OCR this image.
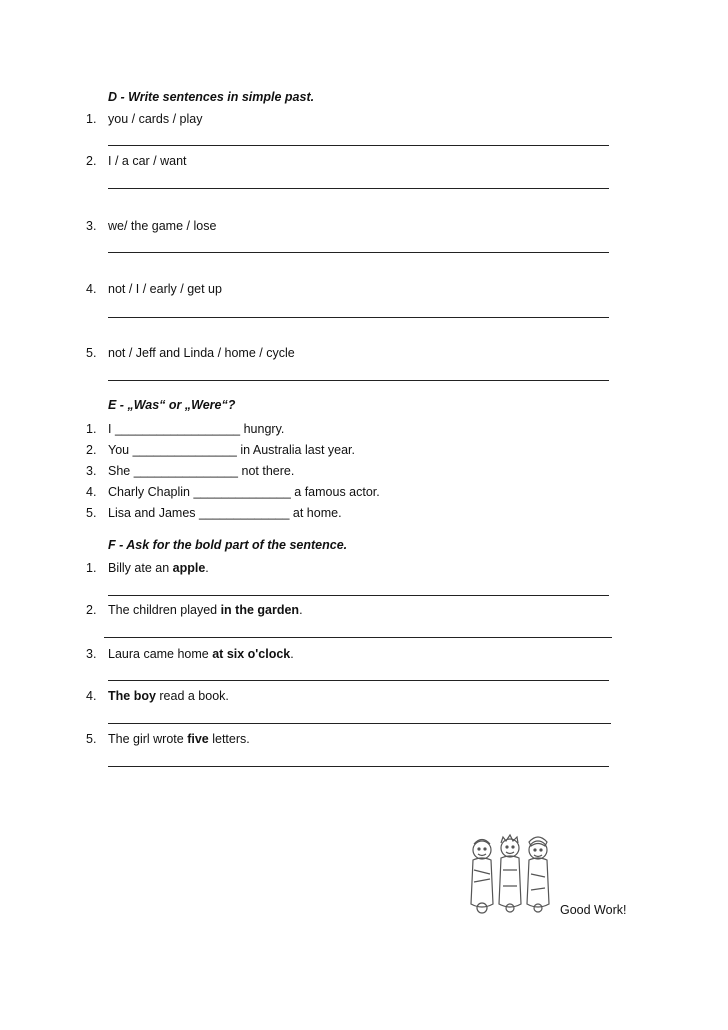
D - Write sentences in simple past.
1. you / cards / play
2. I / a car / want
3. we/ the game / lose
4. not / I / early / get up
5. not / Jeff and Linda / home / cycle
E - „Was“ or „Were“?
1. I __________________ hungry.
2. You _______________ in Australia last year.
3. She _______________ not there.
4. Charly Chaplin ______________ a famous actor.
5. Lisa and James _____________ at home.
F - Ask for the bold part of the sentence.
1. Billy ate an apple.
2. The children played in the garden.
3. Laura came home at six o'clock.
4. The boy read a book.
5. The girl wrote five letters.
Good Work!
